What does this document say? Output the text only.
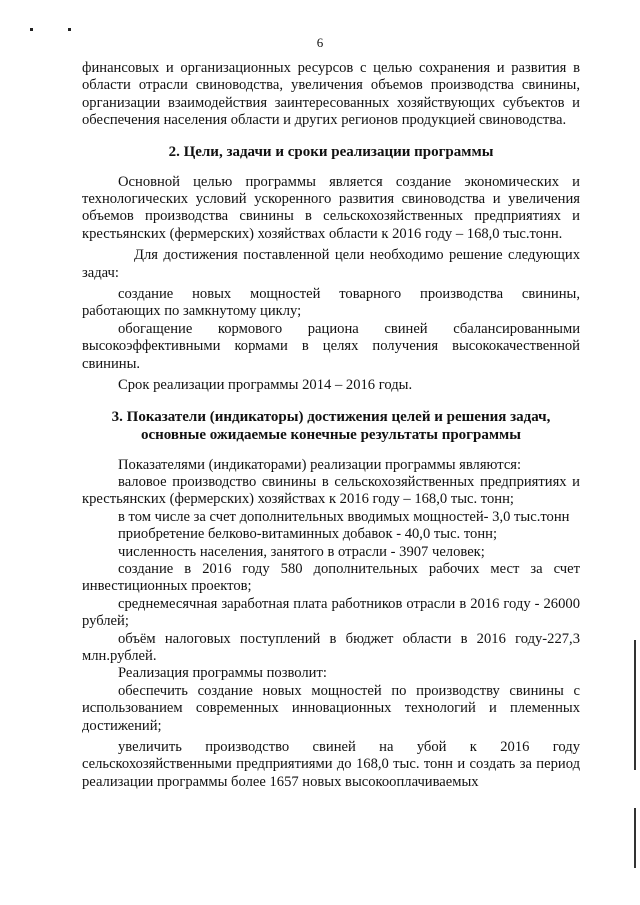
6

финансовых и организационных ресурсов с целью сохранения и развития в области отрасли свиноводства, увеличения объемов производства свинины, организации взаимодействия заинтересованных хозяйствующих субъектов и обеспечения населения области и других регионов продукцией свиноводства.

2. Цели, задачи и сроки реализации программы

Основной целью программы является создание экономических и технологических условий ускоренного развития свиноводства и увеличения объемов производства свинины в сельскохозяйственных предприятиях и крестьянских (фермерских) хозяйствах области к 2016 году – 168,0 тыс.тонн.

Для достижения поставленной цели необходимо решение следующих задач:

создание новых мощностей товарного производства свинины, работающих по замкнутому циклу;

обогащение кормового рациона свиней сбалансированными высокоэффективными кормами в целях получения высококачественной свинины.

Срок реализации программы 2014 – 2016 годы.

3. Показатели (индикаторы) достижения целей и решения задач,
основные ожидаемые конечные результаты программы

Показателями (индикаторами) реализации программы являются:

валовое производство свинины в сельскохозяйственных предприятиях и крестьянских (фермерских) хозяйствах к 2016 году – 168,0 тыс. тонн;

в том числе за счет дополнительных вводимых мощностей- 3,0 тыс.тонн

приобретение белково-витаминных добавок - 40,0 тыс. тонн;

численность населения, занятого в отрасли - 3907 человек;

создание в 2016 году 580 дополнительных рабочих мест за счет инвестиционных проектов;

среднемесячная заработная плата работников отрасли в 2016 году - 26000 рублей;

объём налоговых поступлений в бюджет области в 2016 году-227,3 млн.рублей.

Реализация программы позволит:

обеспечить создание новых мощностей по производству свинины с использованием современных инновационных технологий и племенных достижений;

увеличить производство свиней на убой к 2016 году сельскохозяйственными предприятиями до 168,0 тыс. тонн и создать за период реализации программы более 1657 новых высокооплачиваемых
